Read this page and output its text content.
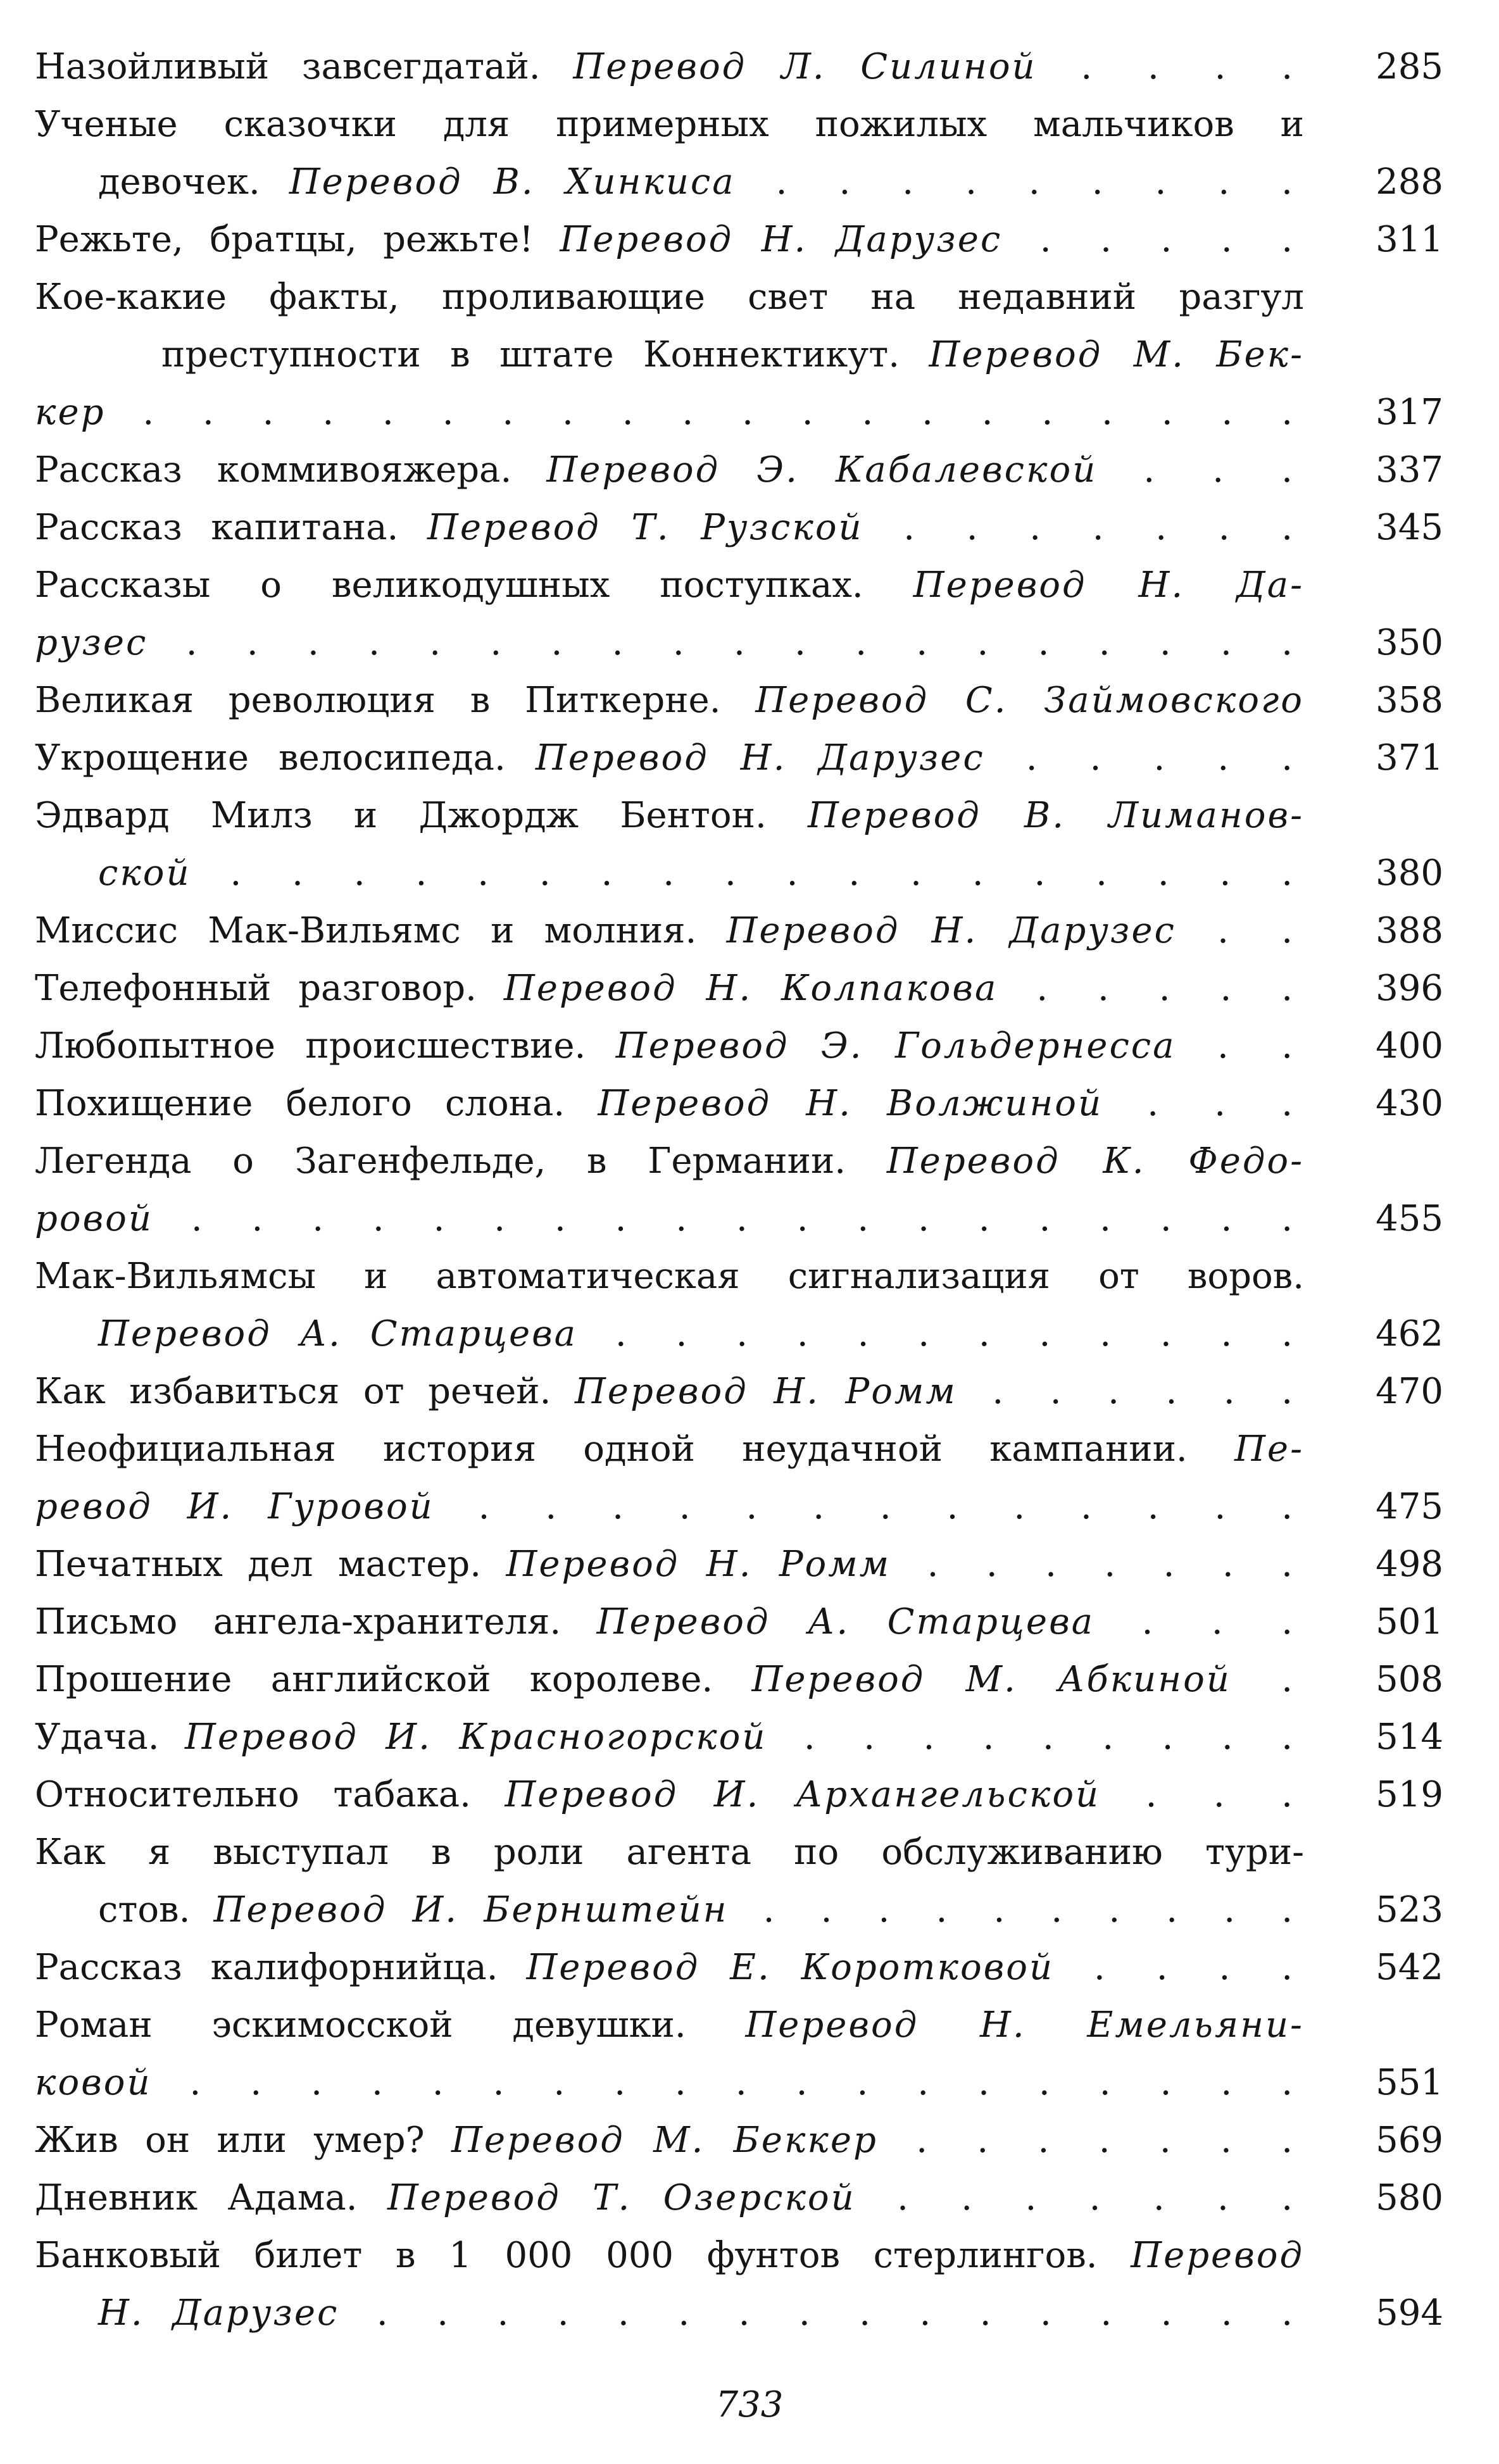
Назойливый завсегдатай. Перевод Л. Силиной . . . .	285
Ученые сказочки для примерных пожилых мальчиков и
девочек. Перевод В. Хинкиса . . . . . . . . .	288
Режьте, братцы, режьте! Перевод Н. Дарузес . . . . .	311
Кое-какие факты, проливающие свет на недавний разгул
преступности в штате Коннектикут. Перевод М. Бек-
кер . . . . . . . . . . . . . . . . . . . .	317
Рассказ коммивояжера. Перевод Э. Кабалевской . . .	337
Рассказ капитана. Перевод Т. Рузской . . . . . . .	345
Рассказы о великодушных поступках. Перевод Н. Да-
рузес . . . . . . . . . . . . . . . . . . .	350
Великая революция в Питкерне. Перевод С. Займовского	358
Укрощение велосипеда. Перевод Н. Дарузес . . . . .	371
Эдвард Милз и Джордж Бентон. Перевод В. Лиманов-
ской . . . . . . . . . . . . . . . . . .	380
Миссис Мак-Вильямс и молния. Перевод Н. Дарузес . .	388
Телефонный разговор. Перевод Н. Колпакова . . . . .	396
Любопытное происшествие. Перевод Э. Гольдернесса . .	400
Похищение белого слона. Перевод Н. Волжиной . . .	430
Легенда о Загенфельде, в Германии. Перевод К. Федо-
ровой . . . . . . . . . . . . . . . . . . .	455
Мак-Вильямсы и автоматическая сигнализация от воров.
Перевод А. Старцева . . . . . . . . . . . .	462
Как избавиться от речей. Перевод Н. Ромм . . . . . .	470
Неофициальная история одной неудачной кампании. Пе-
ревод И. Гуровой . . . . . . . . . . . . .	475
Печатных дел мастер. Перевод Н. Ромм . . . . . . .	498
Письмо ангела-хранителя. Перевод А. Старцева . . .	501
Прошение английской королеве. Перевод М. Абкиной .	508
Удача. Перевод И. Красногорской . . . . . . . . .	514
Относительно табака. Перевод И. Архангельской . . .	519
Как я выступал в роли агента по обслуживанию тури-
стов. Перевод И. Бернштейн . . . . . . . . . .	523
Рассказ калифорнийца. Перевод Е. Коротковой . . . .	542
Роман эскимосской девушки. Перевод Н. Емельяни-
ковой . . . . . . . . . . . . . . . . . . .	551
Жив он или умер? Перевод М. Беккер . . . . . . .	569
Дневник Адама. Перевод Т. Озерской . . . . . . .	580
Банковый билет в 1 000 000 фунтов стерлингов. Перевод
Н. Дарузес . . . . . . . . . . . . . . . .	594
733
